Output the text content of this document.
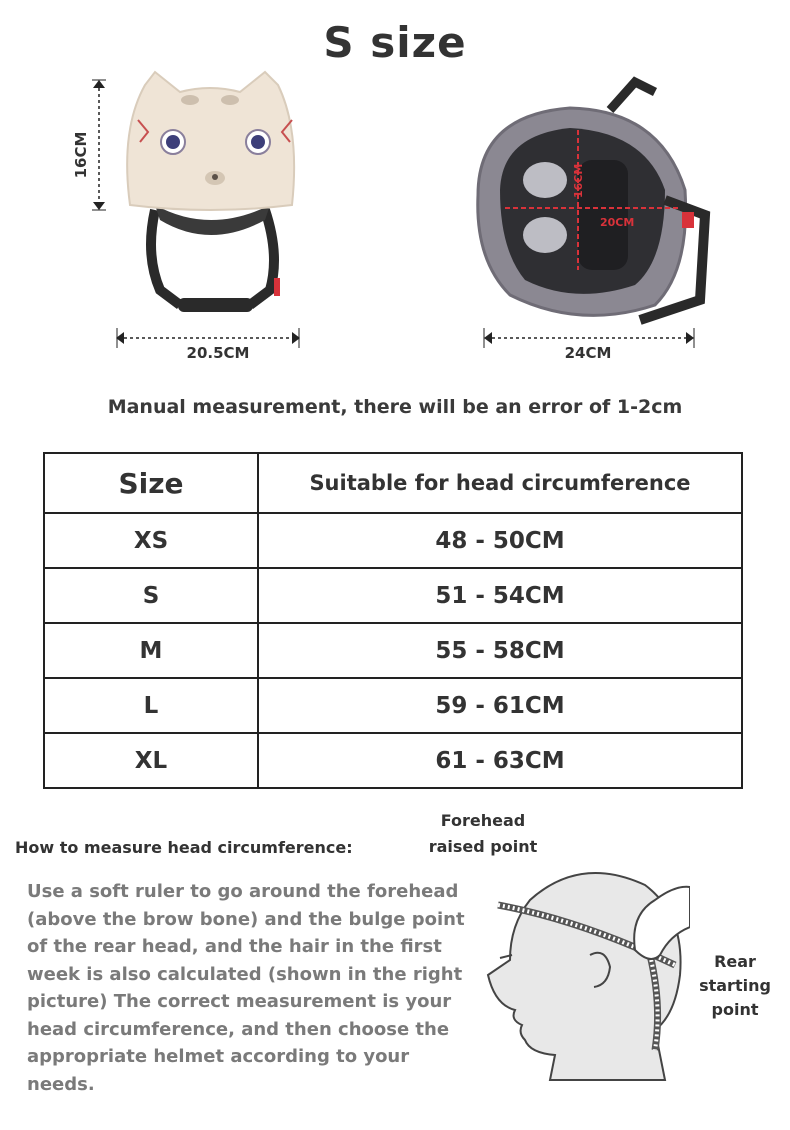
S size
16CM
20.5CM
16CM
20CM
24CM
Manual measurement, there will be an error of 1-2cm
Size	Suitable for head circumference
XS	48 - 50CM
S	51 - 54CM
M	55 - 58CM
L	59 - 61CM
XL	61 - 63CM
How to measure head circumference:
Use a soft ruler to go around the forehead (above the brow bone) and the bulge point of the rear head, and the hair in the first week is also calculated (shown in the right picture) The correct measurement is your head circumference, and then choose the appropriate helmet according to your needs.
Forehead
raised point
Rear
starting
point
